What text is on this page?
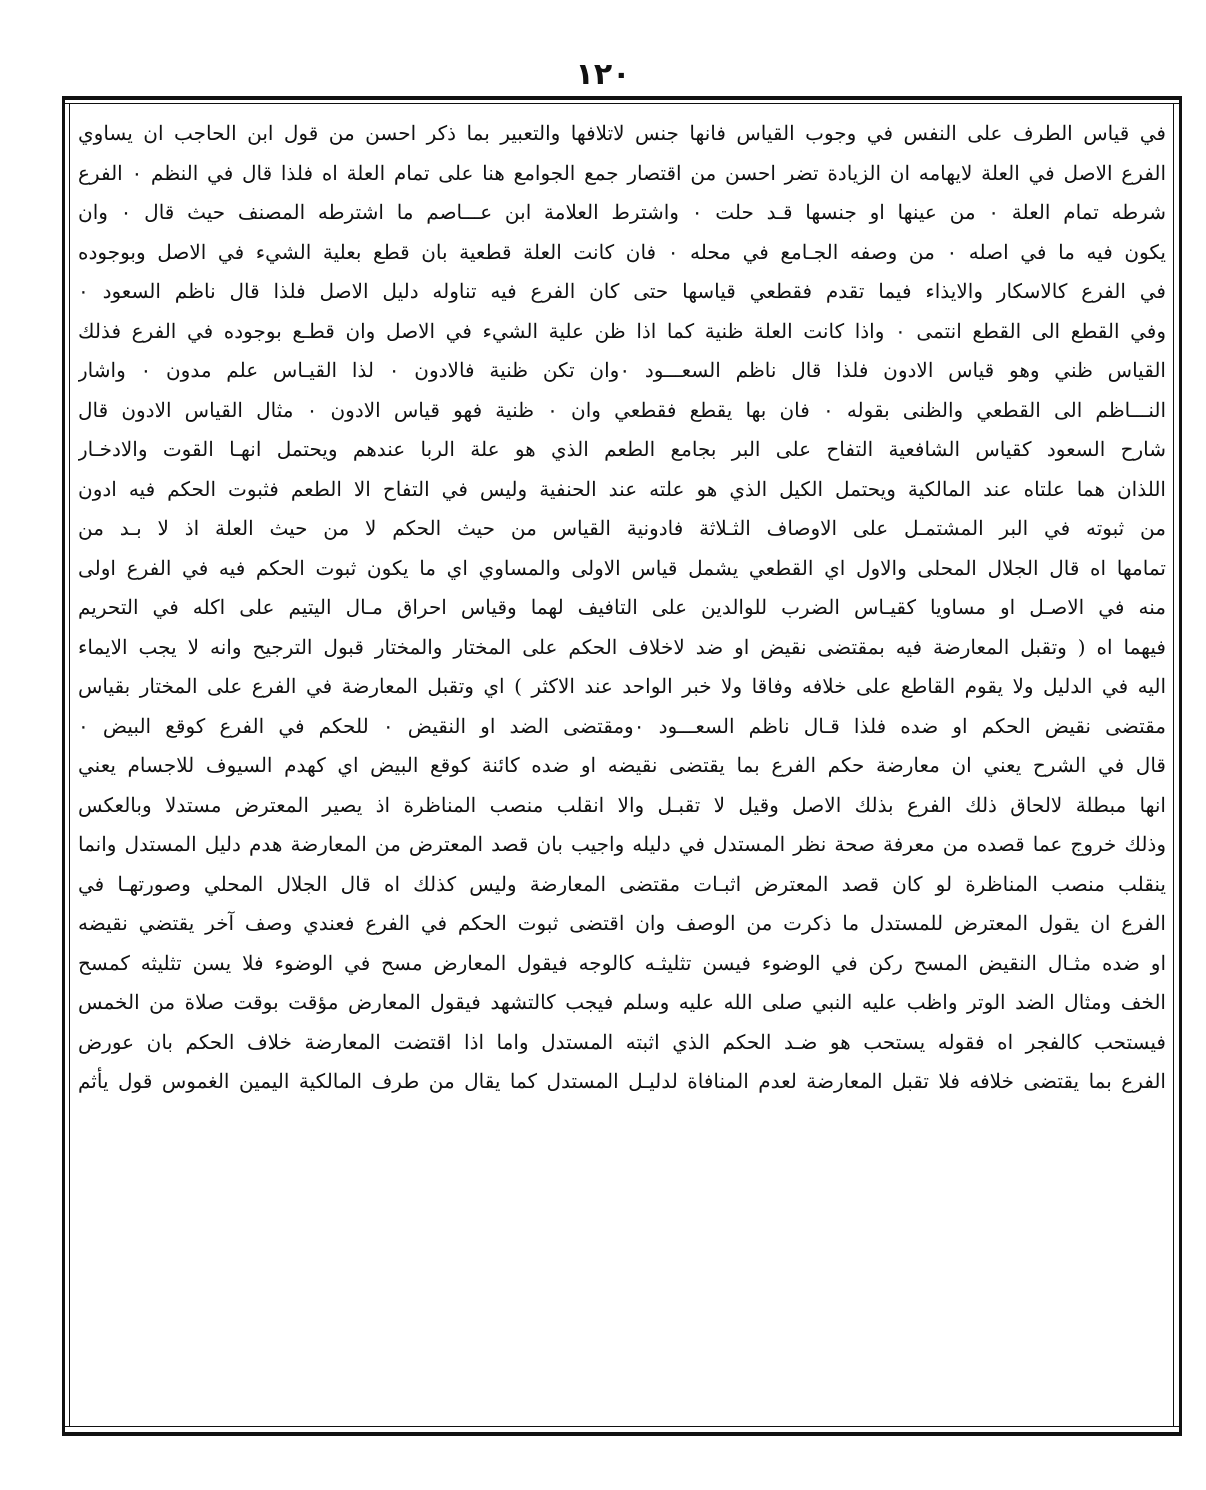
١٢٠
في قياس الطرف على النفس في وجوب القياس فانها جنس لاتلافها والتعبير بما ذكر احسن من قول ابن الحاجب ان يساوي
الفرع الاصل في العلة لايهامه ان الزيادة تضر احسن من اقتصار جمع الجوامع هنا على تمام العلة اه فلذا قال في النظم ٠ الفرع
شرطه تمام العلة ٠ من عينها او جنسها قـد حلت ٠ واشترط العلامة ابن عـــاصم ما اشترطه المصنف حيث قال ٠ وان
يكون فيه ما في اصله ٠ من وصفه الجـامع في محله ٠ فان كانت العلة قطعية بان قطع بعلية الشيء في الاصل وبوجوده
في الفرع كالاسكار والايذاء فيما تقدم فقطعي قياسها حتى كان الفرع فيه تناوله دليل الاصل فلذا قال ناظم السعود ٠
وفي القطع الى القطع انتمى ٠ واذا كانت العلة ظنية كما اذا ظن علية الشيء في الاصل وان قطـع بوجوده في الفرع فذلك
القياس ظني وهو قياس الادون فلذا قال ناظم السعـــود ٠وان تكن ظنية فالادون ٠ لذا القيـاس علم مدون ٠ واشار
النـــاظم الى القطعي والظنى بقوله ٠ فان بها يقطع فقطعي وان ٠ ظنية فهو قياس الادون ٠ مثال القياس الادون قال
شارح السعود كقياس الشافعية التفاح على البر بجامع الطعم الذي هو علة الربا عندهم ويحتمل انهـا القوت والادخـار
اللذان هما علتاه عند المالكية ويحتمل الكيل الذي هو علته عند الحنفية وليس في التفاح الا الطعم فثبوت الحكم فيه ادون
من ثبوته في البر المشتمـل على الاوصاف الثـلاثة فادونية القياس من حيث الحكم لا من حيث العلة اذ لا بـد من
تمامها اه قال الجلال المحلى والاول اي القطعي يشمل قياس الاولى والمساوي اي ما يكون ثبوت الحكم فيه في الفرع اولى
منه في الاصـل او مساويا كقيـاس الضرب للوالدين على التافيف لهما وقياس احراق مـال اليتيم على اكله في التحريم
فيهما اه ( وتقبل المعارضة فيه بمقتضى نقيض او ضد لاخلاف الحكم على المختار والمختار قبول الترجيح وانه لا يجب الايماء
اليه في الدليل ولا يقوم القاطع على خلافه وفاقا ولا خبر الواحد عند الاكثر ) اي وتقبل المعارضة في الفرع على المختار بقياس
مقتضى نقيض الحكم او ضده فلذا قـال ناظم السعـــود ٠ومقتضى الضد او النقيض ٠ للحكم في الفرع كوقع البيض ٠
قال في الشرح يعني ان معارضة حكم الفرع بما يقتضى نقيضه او ضده كائنة كوقع البيض اي كهدم السيوف للاجسام يعني
انها مبطلة لالحاق ذلك الفرع بذلك الاصل وقيل لا تقبـل والا انقلب منصب المناظرة اذ يصير المعترض مستدلا وبالعكس
وذلك خروج عما قصده من معرفة صحة نظر المستدل في دليله واجيب بان قصد المعترض من المعارضة هدم دليل المستدل وانما
ينقلب منصب المناظرة لو كان قصد المعترض اثبـات مقتضى المعارضة وليس كذلك اه قال الجلال المحلي وصورتهـا في
الفرع ان يقول المعترض للمستدل ما ذكرت من الوصف وان اقتضى ثبوت الحكم في الفرع فعندي وصف آخر يقتضي نقيضه
او ضده مثـال النقيض المسح ركن في الوضوء فيسن تثليثـه كالوجه فيقول المعارض مسح في الوضوء فلا يسن تثليثه كمسح
الخف ومثال الضد الوتر واظب عليه النبي صلى الله عليه وسلم فيجب كالتشهد فيقول المعارض مؤقت بوقت صلاة من الخمس
فيستحب كالفجر اه فقوله يستحب هو ضـد الحكم الذي اثبته المستدل واما اذا اقتضت المعارضة خلاف الحكم بان عورض
الفرع بما يقتضى خلافه فلا تقبل المعارضة لعدم المنافاة لدليـل المستدل كما يقال من طرف المالكية اليمين الغموس قول يأثم
